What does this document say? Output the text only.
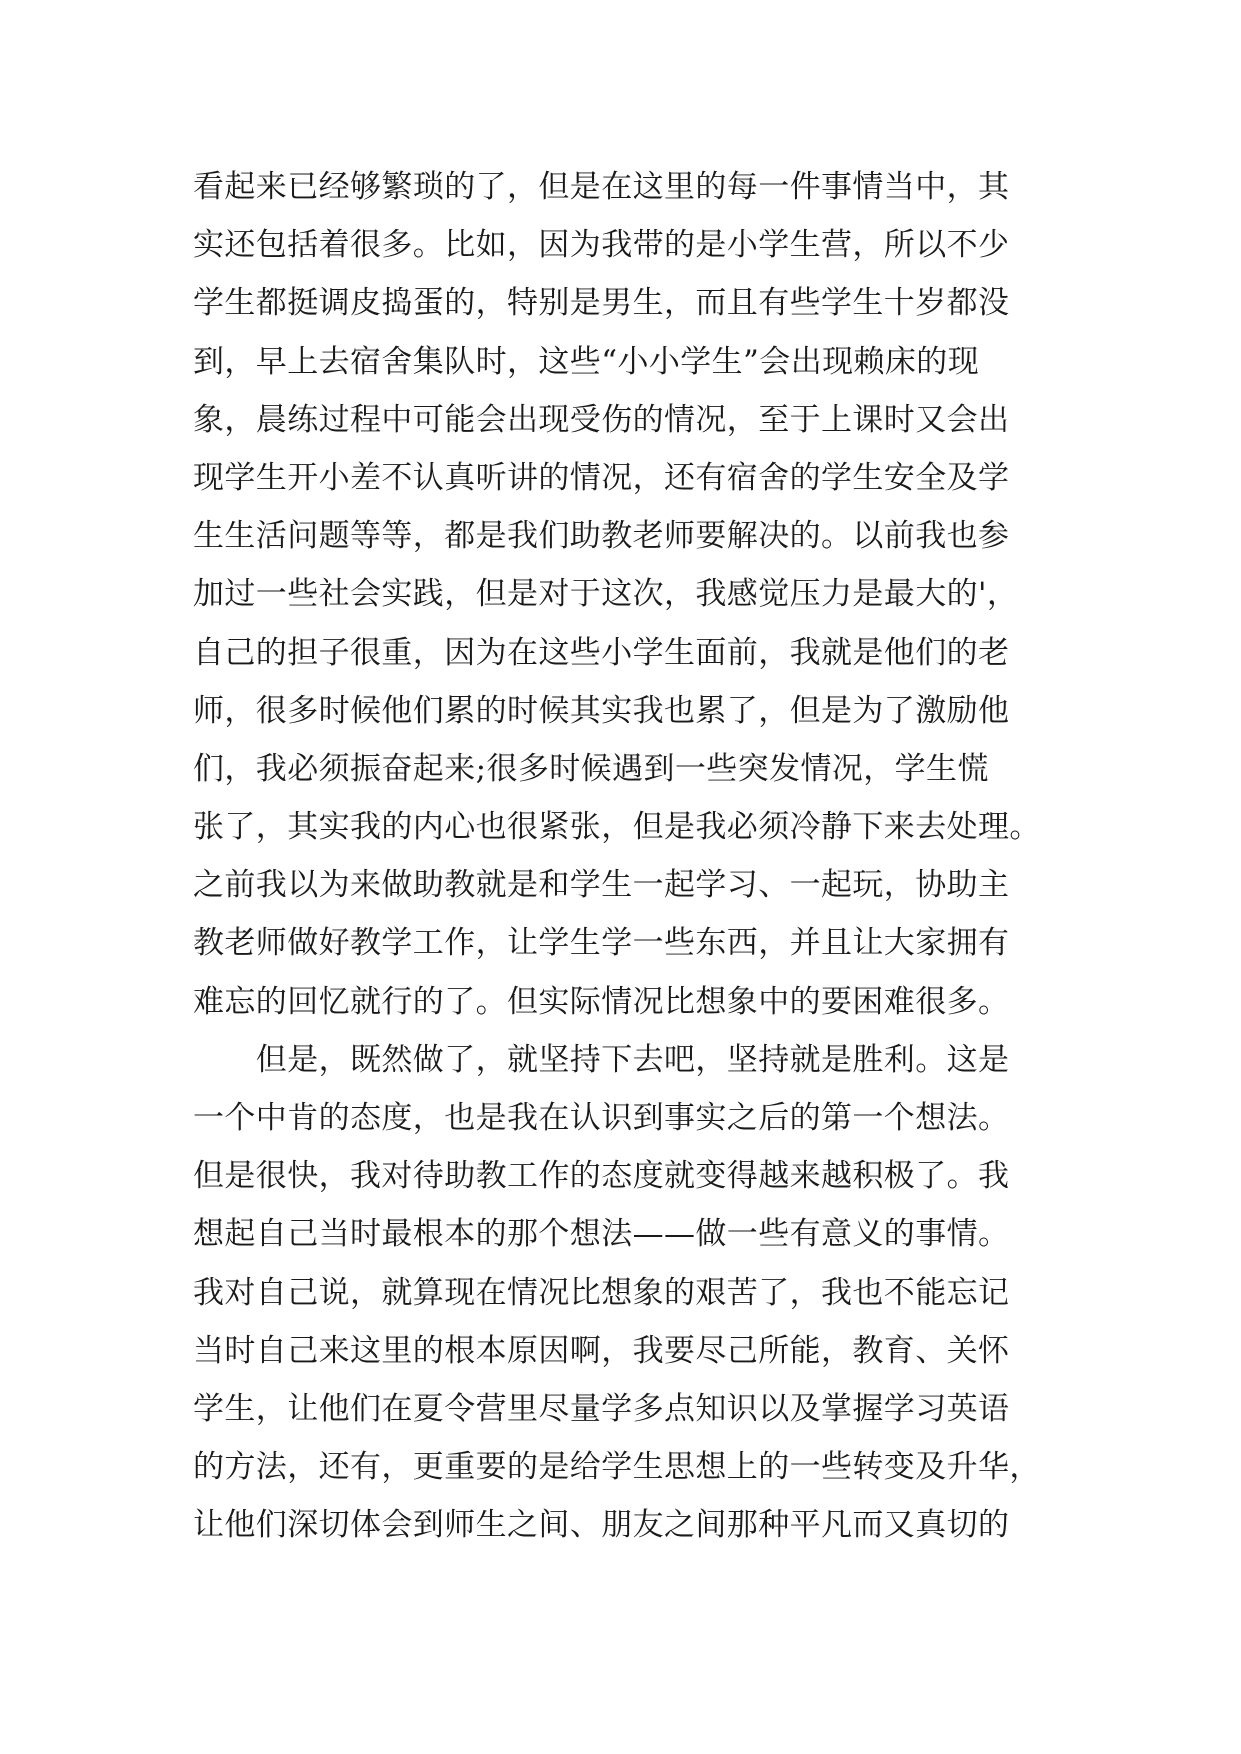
看起来已经够繁琐的了，但是在这里的每一件事情当中，其
实还包括着很多。比如，因为我带的是小学生营，所以不少
学生都挺调皮捣蛋的，特别是男生，而且有些学生十岁都没
到，早上去宿舍集队时，这些“小小学生”会出现赖床的现
象，晨练过程中可能会出现受伤的情况，至于上课时又会出
现学生开小差不认真听讲的情况，还有宿舍的学生安全及学
生生活问题等等，都是我们助教老师要解决的。以前我也参
加过一些社会实践，但是对于这次，我感觉压力是最大的'，
自己的担子很重，因为在这些小学生面前，我就是他们的老
师，很多时候他们累的时候其实我也累了，但是为了激励他
们，我必须振奋起来;很多时候遇到一些突发情况，学生慌
张了，其实我的内心也很紧张，但是我必须冷静下来去处理。
之前我以为来做助教就是和学生一起学习、一起玩，协助主
教老师做好教学工作，让学生学一些东西，并且让大家拥有
难忘的回忆就行的了。但实际情况比想象中的要困难很多。
　　但是，既然做了，就坚持下去吧，坚持就是胜利。这是
一个中肯的态度，也是我在认识到事实之后的第一个想法。
但是很快，我对待助教工作的态度就变得越来越积极了。我
想起自己当时最根本的那个想法——做一些有意义的事情。
我对自己说，就算现在情况比想象的艰苦了，我也不能忘记
当时自己来这里的根本原因啊，我要尽己所能，教育、关怀
学生，让他们在夏令营里尽量学多点知识以及掌握学习英语
的方法，还有，更重要的是给学生思想上的一些转变及升华，
让他们深切体会到师生之间、朋友之间那种平凡而又真切的
